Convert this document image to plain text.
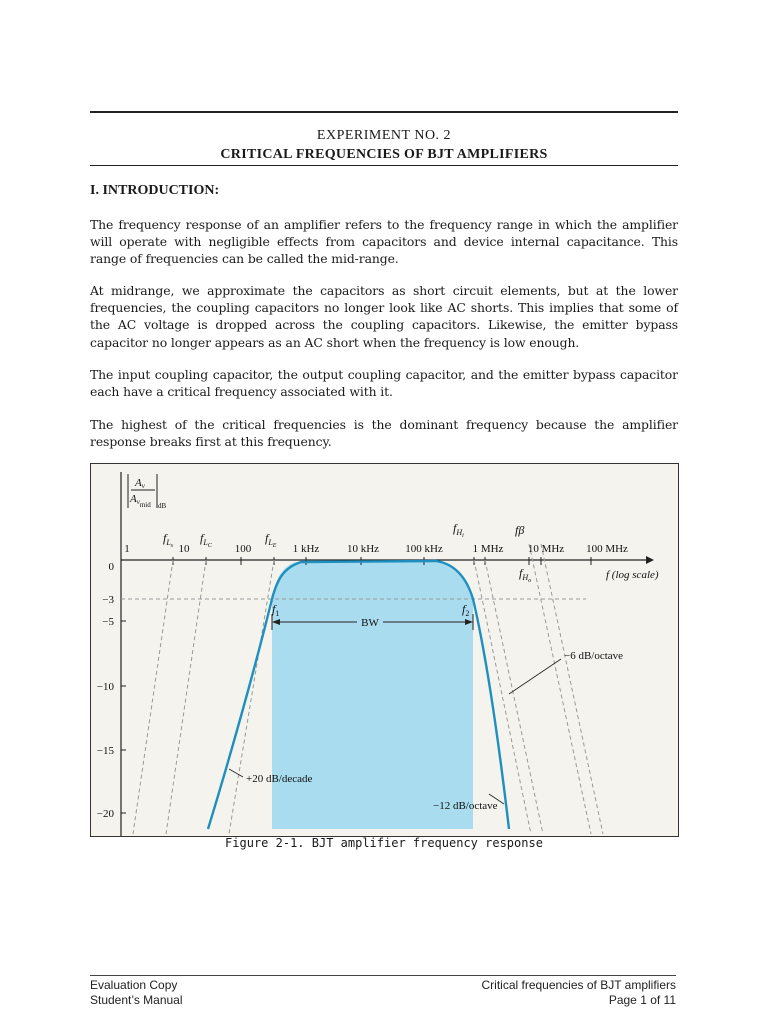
EXPERIMENT NO. 2
CRITICAL FREQUENCIES OF BJT AMPLIFIERS
I. INTRODUCTION:

The frequency response of an amplifier refers to the frequency range in which the amplifier will operate with negligible effects from capacitors and device internal capacitance. This range of frequencies can be called the mid-range.

At midrange, we approximate the capacitors as short circuit elements, but at the lower frequencies, the coupling capacitors no longer look like AC shorts. This implies that some of the AC voltage is dropped across the coupling capacitors. Likewise, the emitter bypass capacitor no longer appears as an AC short when the frequency is low enough.

The input coupling capacitor, the output coupling capacitor, and the emitter bypass capacitor each have a critical frequency associated with it.

The highest of the critical frequencies is the dominant frequency because the amplifier response breaks first at this frequency.

BW
Av
$Av_{mid}$ dB
0
−3
−5
−10
−15
−20
1	10	100	1 kHz	10 kHz 100 kHz	1 MHz 10 MHz 100 MHz
$f_Ls$
$f_LC$
$f_LE$
$f_Hi$	fβ
$f_Ho$	f (log scale)
$f_1$	$f_2$
+20 dB/decade
−6 dB/octave
−12 dB/octave
Figure 2-1. BJT amplifier frequency response
Evaluation Copy
Student’s Manual
Critical frequencies of BJT amplifiers
Page 1 of 11
